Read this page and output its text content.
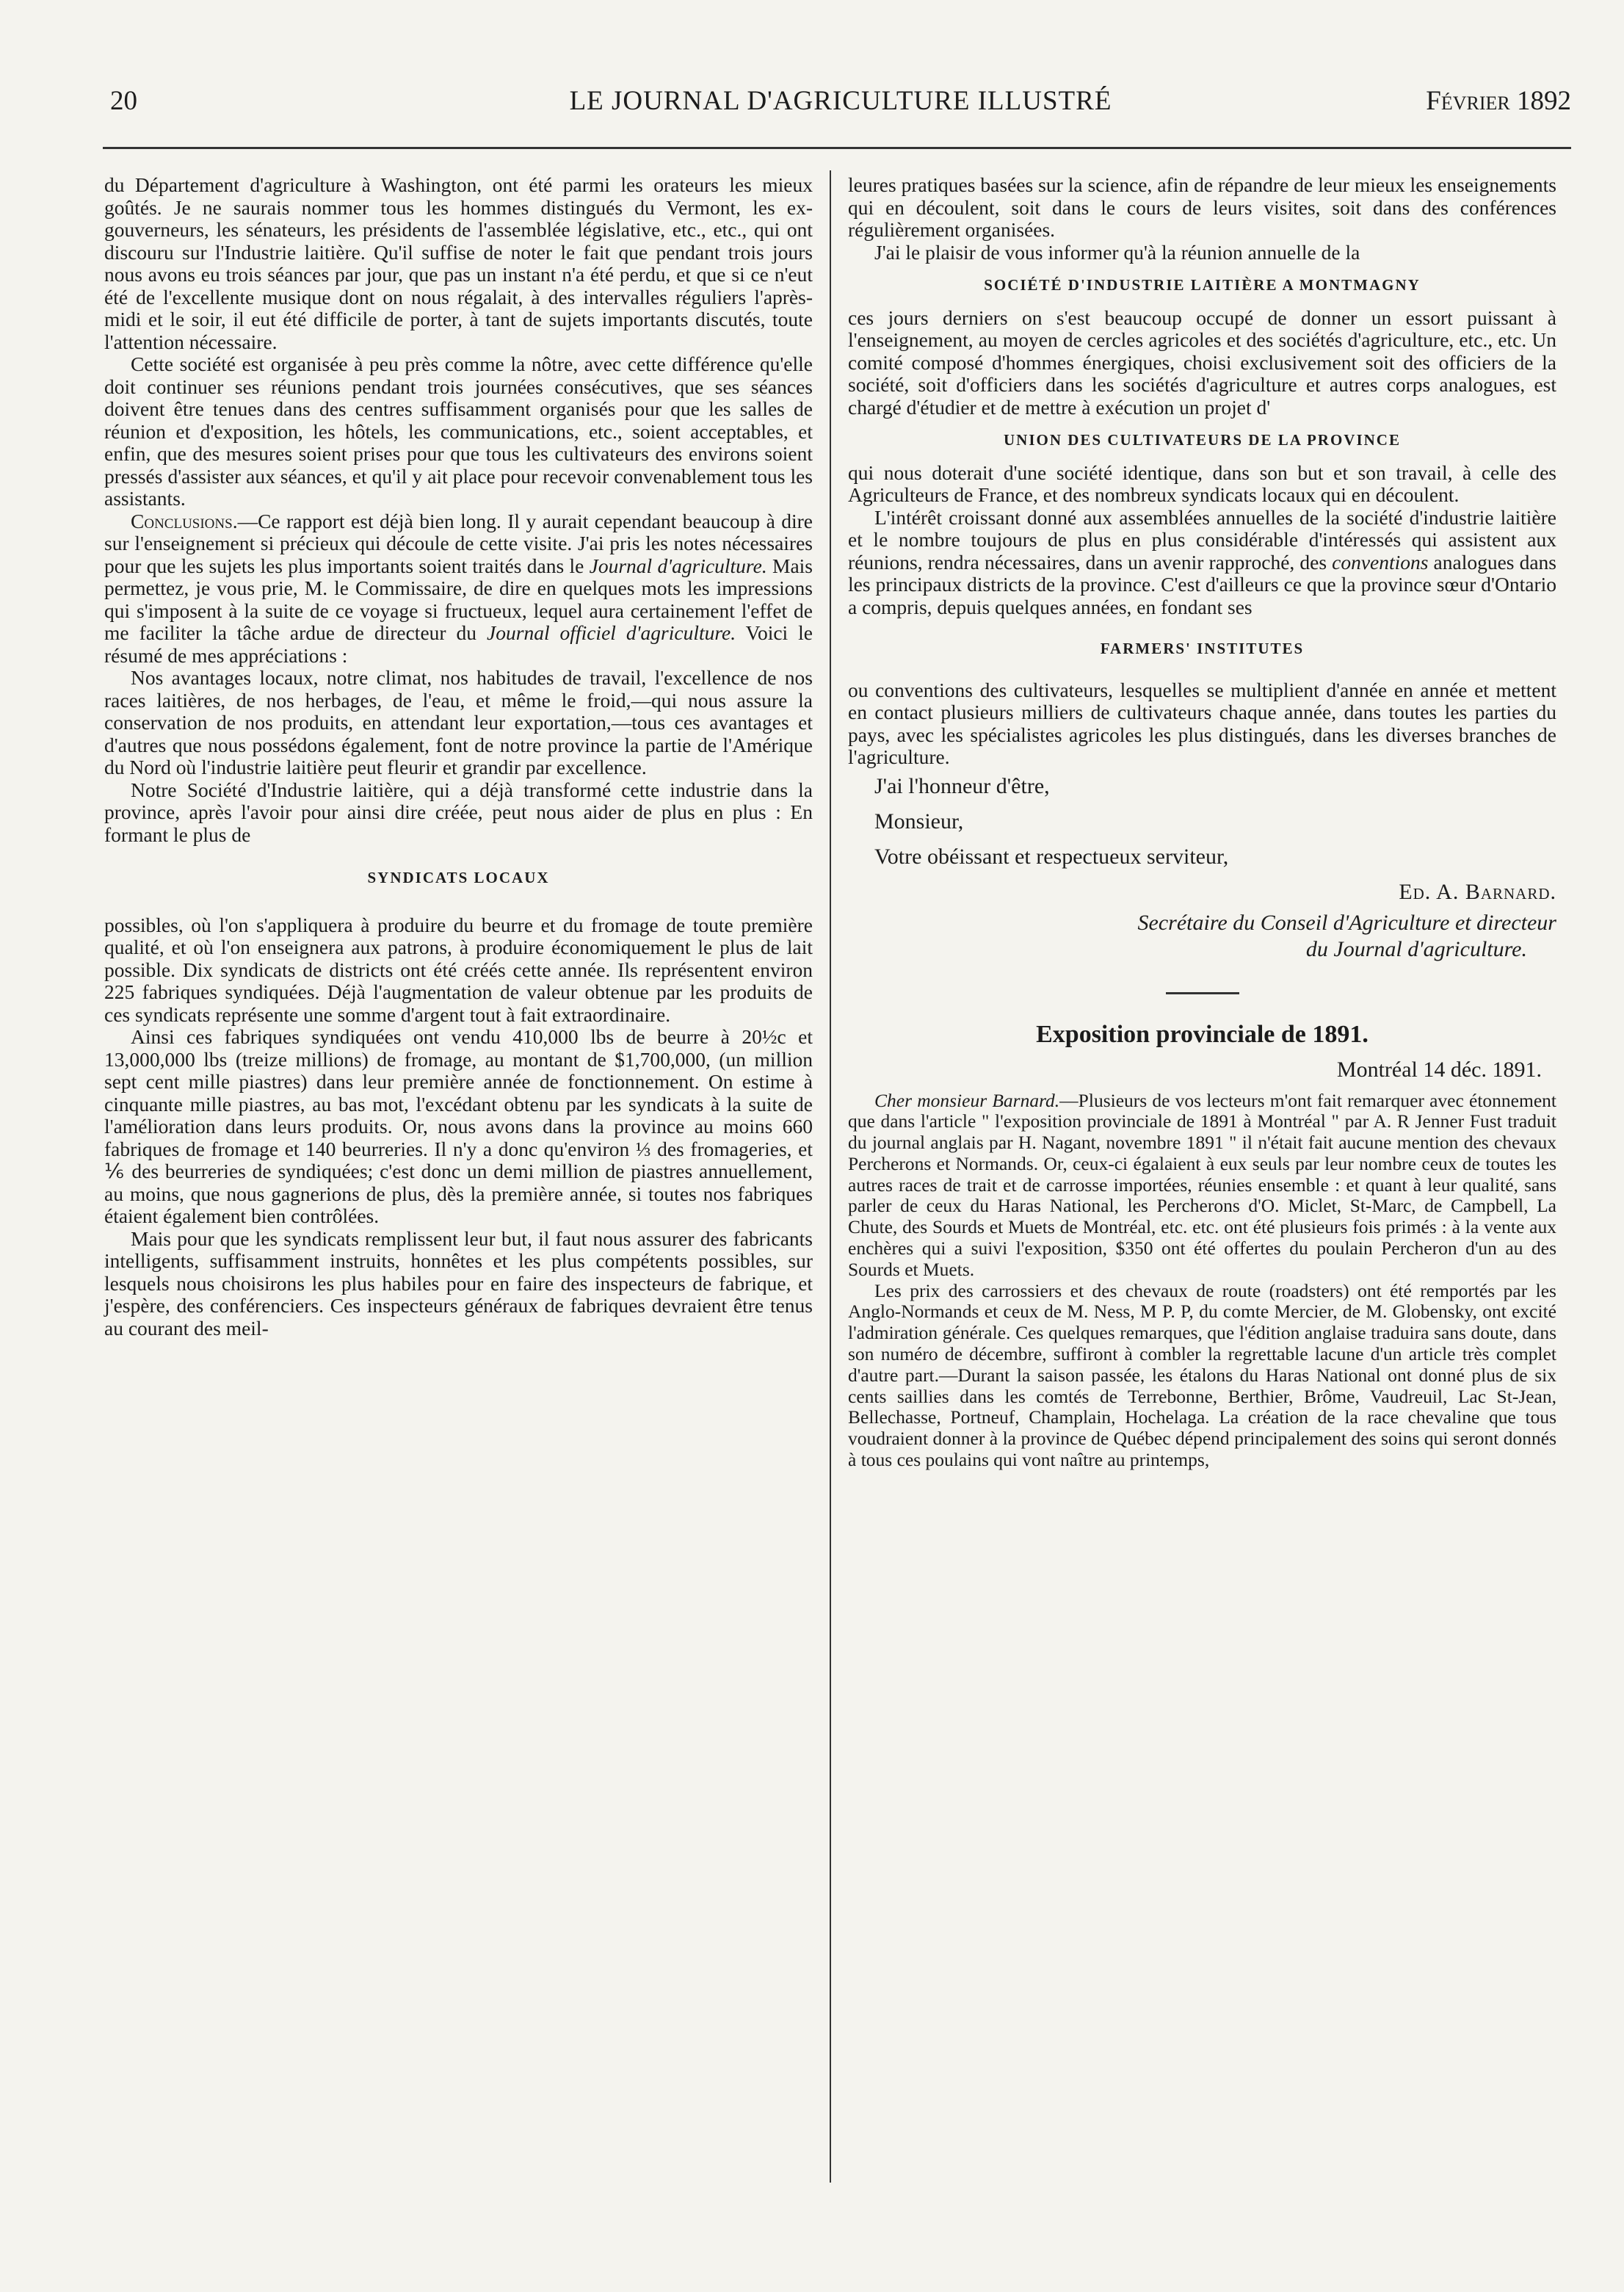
20	LE JOURNAL D'AGRICULTURE ILLUSTRÉ	Février 1892

du Département d'agriculture à Washington, ont été parmi les orateurs les mieux goûtés. Je ne saurais nommer tous les hommes distingués du Vermont, les ex-gouverneurs, les sénateurs, les présidents de l'assemblée législative, etc., etc., qui ont discouru sur l'Industrie laitière. Qu'il suffise de noter le fait que pendant trois jours nous avons eu trois séances par jour, que pas un instant n'a été perdu, et que si ce n'eut été de l'excellente musique dont on nous régalait, à des intervalles réguliers l'après-midi et le soir, il eut été difficile de porter, à tant de sujets importants discutés, toute l'attention nécessaire.

Cette société est organisée à peu près comme la nôtre, avec cette différence qu'elle doit continuer ses réunions pendant trois journées consécutives, que ses séances doivent être tenues dans des centres suffisamment organisés pour que les salles de réunion et d'exposition, les hôtels, les communications, etc., soient acceptables, et enfin, que des mesures soient prises pour que tous les cultivateurs des environs soient pressés d'assister aux séances, et qu'il y ait place pour recevoir convenablement tous les assistants.

Conclusions.—Ce rapport est déjà bien long. Il y aurait cependant beaucoup à dire sur l'enseignement si précieux qui découle de cette visite. J'ai pris les notes nécessaires pour que les sujets les plus importants soient traités dans le Journal d'agriculture. Mais permettez, je vous prie, M. le Commissaire, de dire en quelques mots les impressions qui s'imposent à la suite de ce voyage si fructueux, lequel aura certainement l'effet de me faciliter la tâche ardue de directeur du Journal officiel d'agriculture. Voici le résumé de mes appréciations :

Nos avantages locaux, notre climat, nos habitudes de travail, l'excellence de nos races laitières, de nos herbages, de l'eau, et même le froid,—qui nous assure la conservation de nos produits, en attendant leur exportation,—tous ces avantages et d'autres que nous possédons également, font de notre province la partie de l'Amérique du Nord où l'industrie laitière peut fleurir et grandir par excellence.

Notre Société d'Industrie laitière, qui a déjà transformé cette industrie dans la province, après l'avoir pour ainsi dire créée, peut nous aider de plus en plus : En formant le plus de

SYNDICATS LOCAUX

possibles, où l'on s'appliquera à produire du beurre et du fromage de toute première qualité, et où l'on enseignera aux patrons, à produire économiquement le plus de lait possible. Dix syndicats de districts ont été créés cette année. Ils représentent environ 225 fabriques syndiquées. Déjà l'augmentation de valeur obtenue par les produits de ces syndicats représente une somme d'argent tout à fait extraordinaire.

Ainsi ces fabriques syndiquées ont vendu 410,000 lbs de beurre à 20½c et 13,000,000 lbs (treize millions) de fromage, au montant de $1,700,000, (un million sept cent mille piastres) dans leur première année de fonctionnement. On estime à cinquante mille piastres, au bas mot, l'excédant obtenu par les syndicats à la suite de l'amélioration dans leurs produits. Or, nous avons dans la province au moins 660 fabriques de fromage et 140 beurreries. Il n'y a donc qu'environ ⅓ des fromageries, et ⅙ des beurreries de syndiquées; c'est donc un demi million de piastres annuellement, au moins, que nous gagnerions de plus, dès la première année, si toutes nos fabriques étaient également bien contrôlées.

Mais pour que les syndicats remplissent leur but, il faut nous assurer des fabricants intelligents, suffisamment instruits, honnêtes et les plus compétents possibles, sur lesquels nous choisirons les plus habiles pour en faire des inspecteurs de fabrique, et j'espère, des conférenciers. Ces inspecteurs généraux de fabriques devraient être tenus au courant des meil-

leures pratiques basées sur la science, afin de répandre de leur mieux les enseignements qui en découlent, soit dans le cours de leurs visites, soit dans des conférences régulièrement organisées.

J'ai le plaisir de vous informer qu'à la réunion annuelle de la

SOCIÉTÉ D'INDUSTRIE LAITIÈRE A MONTMAGNY

ces jours derniers on s'est beaucoup occupé de donner un essort puissant à l'enseignement, au moyen de cercles agricoles et des sociétés d'agriculture, etc., etc. Un comité composé d'hommes énergiques, choisi exclusivement soit des officiers de la société, soit d'officiers dans les sociétés d'agriculture et autres corps analogues, est chargé d'étudier et de mettre à exécution un projet d'

UNION DES CULTIVATEURS DE LA PROVINCE

qui nous doterait d'une société identique, dans son but et son travail, à celle des Agriculteurs de France, et des nombreux syndicats locaux qui en découlent.

L'intérêt croissant donné aux assemblées annuelles de la société d'industrie laitière et le nombre toujours de plus en plus considérable d'intéressés qui assistent aux réunions, rendra nécessaires, dans un avenir rapproché, des conventions analogues dans les principaux districts de la province. C'est d'ailleurs ce que la province sœur d'Ontario a compris, depuis quelques années, en fondant ses

FARMERS' INSTITUTES

ou conventions des cultivateurs, lesquelles se multiplient d'année en année et mettent en contact plusieurs milliers de cultivateurs chaque année, dans toutes les parties du pays, avec les spécialistes agricoles les plus distingués, dans les diverses branches de l'agriculture.

J'ai l'honneur d'être,

Monsieur,

Votre obéissant et respectueux serviteur,

Ed. A. Barnard.

Secrétaire du Conseil d'Agriculture et directeur

du Journal d'agriculture.

Exposition provinciale de 1891.
Montréal 14 déc. 1891.

Cher monsieur Barnard.—Plusieurs de vos lecteurs m'ont fait remarquer avec étonnement que dans l'article " l'exposition provinciale de 1891 à Montréal " par A. R Jenner Fust traduit du journal anglais par H. Nagant, novembre 1891 " il n'était fait aucune mention des chevaux Percherons et Normands. Or, ceux-ci égalaient à eux seuls par leur nombre ceux de toutes les autres races de trait et de carrosse importées, réunies ensemble : et quant à leur qualité, sans parler de ceux du Haras National, les Percherons d'O. Miclet, St-Marc, de Campbell, La Chute, des Sourds et Muets de Montréal, etc. etc. ont été plusieurs fois primés : à la vente aux enchères qui a suivi l'exposition, $350 ont été offertes du poulain Percheron d'un au des Sourds et Muets.

Les prix des carrossiers et des chevaux de route (roadsters) ont été remportés par les Anglo-Normands et ceux de M. Ness, M P. P, du comte Mercier, de M. Globensky, ont excité l'admiration générale. Ces quelques remarques, que l'édition anglaise traduira sans doute, dans son numéro de décembre, suffiront à combler la regrettable lacune d'un article très complet d'autre part.—Durant la saison passée, les étalons du Haras National ont donné plus de six cents saillies dans les comtés de Terrebonne, Berthier, Brôme, Vaudreuil, Lac St-Jean, Bellechasse, Portneuf, Champlain, Hochelaga. La création de la race chevaline que tous voudraient donner à la province de Québec dépend principalement des soins qui seront donnés à tous ces poulains qui vont naître au printemps,
